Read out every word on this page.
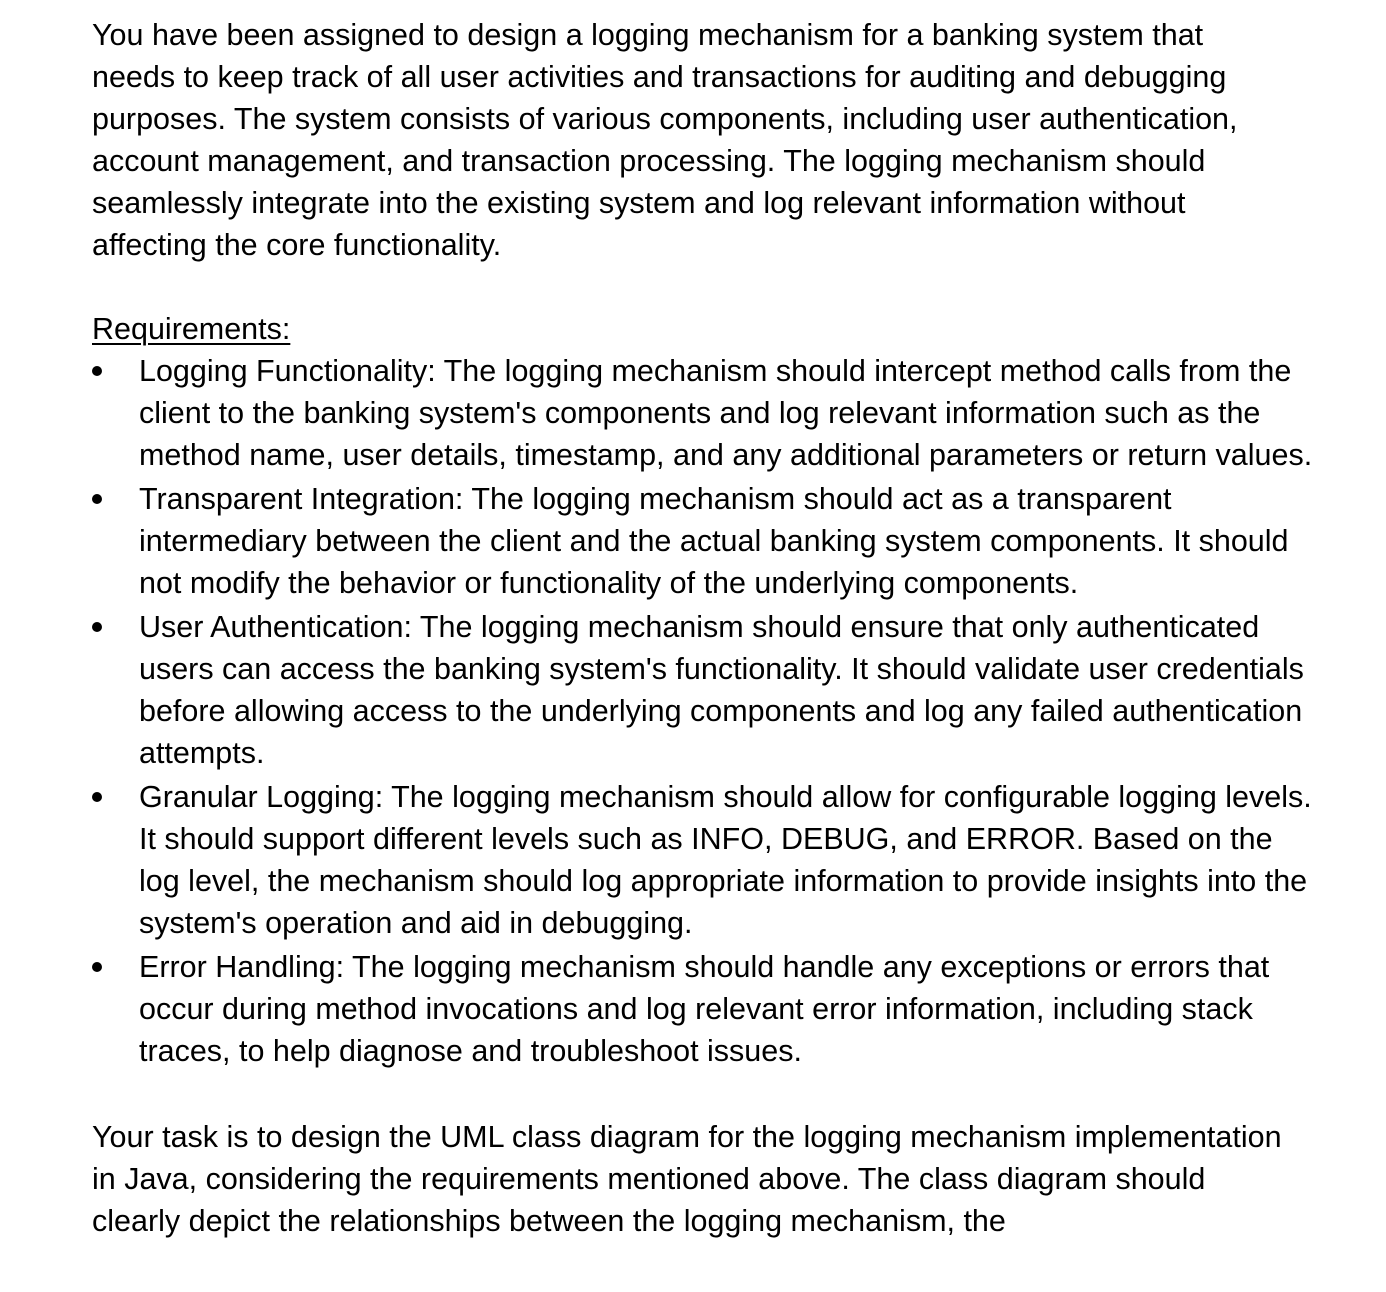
You have been assigned to design a logging mechanism for a banking system that needs to keep track of all user activities and transactions for auditing and debugging purposes. The system consists of various components, including user authentication, account management, and transaction processing. The logging mechanism should seamlessly integrate into the existing system and log relevant information without affecting the core functionality.

Requirements:

Logging Functionality: The logging mechanism should intercept method calls from the client to the banking system's components and log relevant information such as the method name, user details, timestamp, and any additional parameters or return values.
Transparent Integration: The logging mechanism should act as a transparent intermediary between the client and the actual banking system components. It should not modify the behavior or functionality of the underlying components.
User Authentication: The logging mechanism should ensure that only authenticated users can access the banking system's functionality. It should validate user credentials before allowing access to the underlying components and log any failed authentication attempts.
Granular Logging: The logging mechanism should allow for configurable logging levels. It should support different levels such as INFO, DEBUG, and ERROR. Based on the log level, the mechanism should log appropriate information to provide insights into the system's operation and aid in debugging.
Error Handling: The logging mechanism should handle any exceptions or errors that occur during method invocations and log relevant error information, including stack traces, to help diagnose and troubleshoot issues.

Your task is to design the UML class diagram for the logging mechanism implementation in Java, considering the requirements mentioned above. The class diagram should clearly depict the relationships between the logging mechanism, the
